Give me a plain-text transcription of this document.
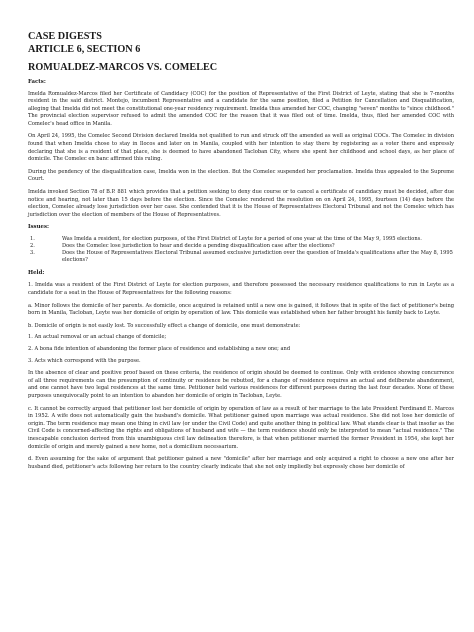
CASE DIGESTS
ARTICLE 6, SECTION 6
ROMUALDEZ-MARCOS VS. COMELEC
Facts:

Imelda Romualdez-Marcos filed her Certificate of Candidacy (COC) for the position of Representative of the First District of Leyte, stating that she is 7-months resident in the said district. Montejo, incumbent Representative and a candidate for the same position, filed a Petition for Cancellation and Disqualification, alleging that Imelda did not meet the constitutional one-year residency requirement. Imelda thus amended her COC, changing "seven" months to "since childhood." The provincial election supervisor refused to admit the amended COC for the reason that it was filed out of time. Imelda, thus, filed her amended COC with Comelec's head office in Manila.

On April 24, 1995, the Comelec Second Division declared Imelda not qualified to run and struck off the amended as well as original COCs. The Comelec in division found that when Imelda chose to stay in Ilocos and later on in Manila, coupled with her intention to stay there by registering as a voter there and expressly declaring that she is a resident of that place, she is deemed to have abandoned Tacloban City, where she spent her childhood and school days, as her place of domicile. The Comelec en banc affirmed this ruling.

During the pendency of the disqualification case, Imelda won in the election. But the Comelec suspended her proclamation. Imelda thus appealed to the Supreme Court.

Imelda invoked Section 78 of B.P. 881 which provides that a petition seeking to deny due course or to cancel a certificate of candidacy must be decided, after due notice and hearing, not later than 15 days before the election. Since the Comelec rendered the resolution on on April 24, 1995, fourteen (14) days before the election, Comelec already lose jurisdiction over her case. She contended that it is the House of Representatives Electoral Tribunal and not the Comelec which has jurisdiction over the election of members of the House of Representatives.

Issues:
1.	Was Imelda a resident, for election purposes, of the First District of Leyte for a period of one year at the time of the May 9, 1995 elections.
2.	Does the Comelec lose jurisdiction to hear and decide a pending disqualification case after the elections?
3.	Does the House of Representatives Electoral Tribunal assumed exclusive jurisdiction over the question of Imelda's qualifications after the May 8, 1995 elections?
Held:

1. Imelda was a resident of the First District of Leyte for election purposes, and therefore possessed the necessary residence qualifications to run in Leyte as a candidate for a seat in the House of Representatives for the following reasons:

a. Minor follows the domicile of her parents. As domicile, once acquired is retained until a new one is gained, it follows that in spite of the fact of petitioner's being born in Manila, Tacloban, Leyte was her domicile of origin by operation of law. This domicile was established when her father brought his family back to Leyte.

b. Domicile of origin is not easily lost. To successfully effect a change of domicile, one must demonstrate:

1. An actual removal or an actual change of domicile;

2. A bona fide intention of abandoning the former place of residence and establishing a new one; and

3. Acts which correspond with the purpose.

In the absence of clear and positive proof based on these criteria, the residence of origin should be deemed to continue. Only with evidence showing concurrence of all three requirements can the presumption of continuity or residence be rebutted, for a change of residence requires an actual and deliberate abandonment, and one cannot have two legal residences at the same time. Petitioner held various residences for different purposes during the last four decades. None of these purposes unequivocally point to an intention to abandon her domicile of origin in Tacloban, Leyte.

c. It cannot be correctly argued that petitioner lost her domicile of origin by operation of law as a result of her marriage to the late President Ferdinand E. Marcos in 1952. A wife does not automatically gain the husband's domicile. What petitioner gained upon marriage was actual residence. She did not lose her domicile of origin. The term residence may mean one thing in civil law (or under the Civil Code) and quite another thing in political law. What stands clear is that insofar as the Civil Code is concerned-affecting the rights and obligations of husband and wife — the term residence should only be interpreted to mean "actual residence." The inescapable conclusion derived from this unambiguous civil law delineation therefore, is that when petitioner married the former President in 1954, she kept her domicile of origin and merely gained a new home, not a domicilium necessarium.

d. Even assuming for the sake of argument that petitioner gained a new "domicile" after her marriage and only acquired a right to choose a new one after her husband died, petitioner's acts following her return to the country clearly indicate that she not only impliedly but expressly chose her domicile of
